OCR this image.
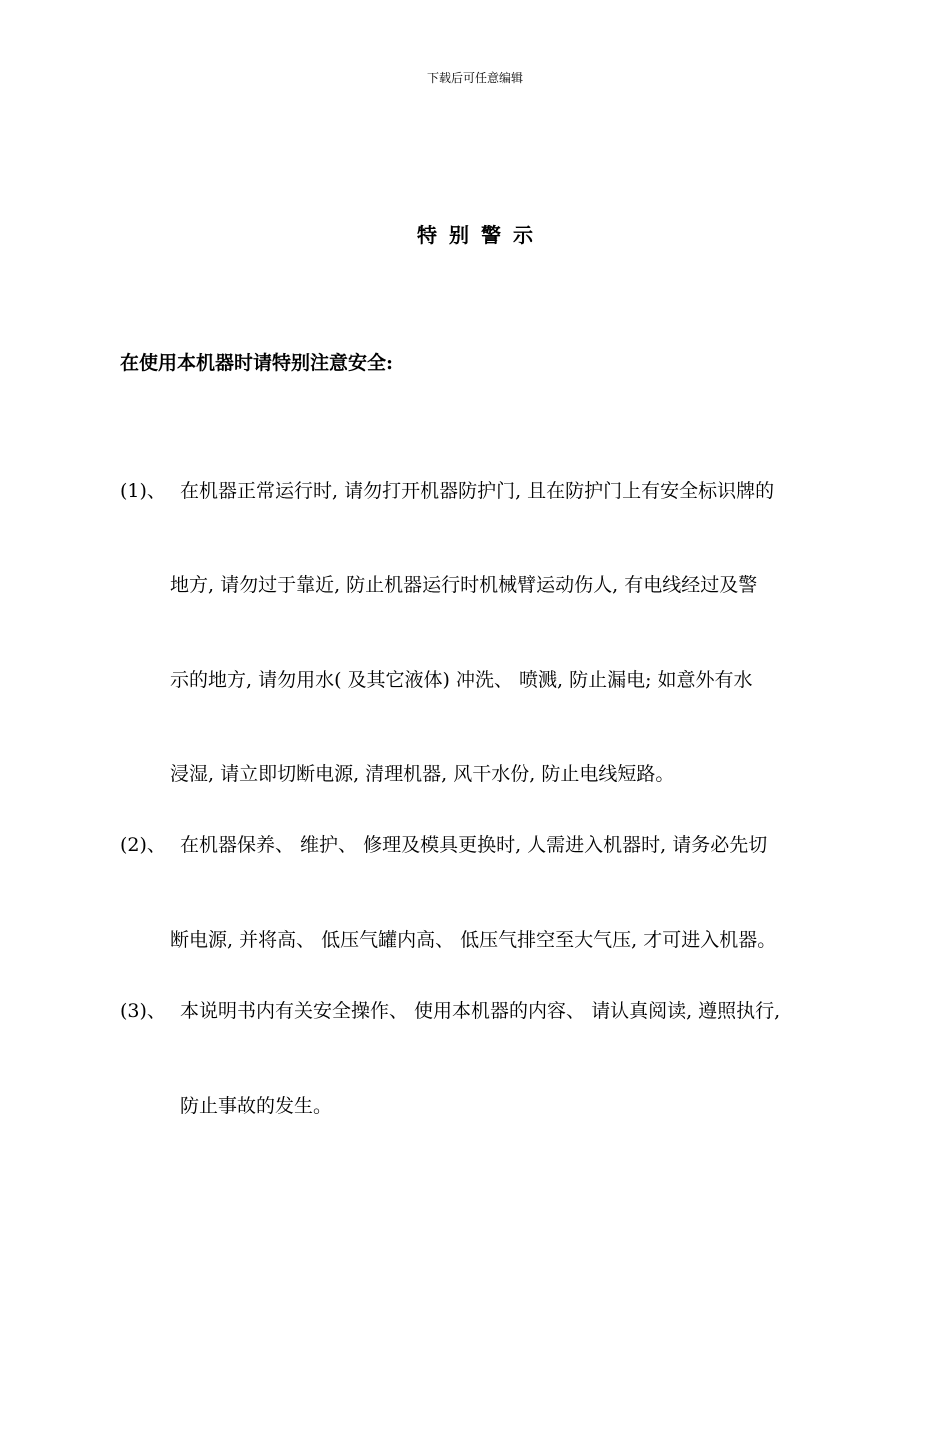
下载后可任意编辑
特别警示
在使用本机器时请特别注意安全:
(1)、 在机器正常运行时, 请勿打开机器防护门, 且在防护门上有安全标识牌的
地方, 请勿过于靠近, 防止机器运行时机械臂运动伤人, 有电线经过及警
示的地方, 请勿用水( 及其它液体) 冲洗、 喷溅, 防止漏电; 如意外有水
浸湿, 请立即切断电源, 清理机器, 风干水份, 防止电线短路。
(2)、 在机器保养、 维护、 修理及模具更换时, 人需进入机器时, 请务必先切
断电源, 并将高、 低压气罐内高、 低压气排空至大气压, 才可进入机器。
(3)、 本说明书内有关安全操作、 使用本机器的内容、 请认真阅读, 遵照执行,
防止事故的发生。
